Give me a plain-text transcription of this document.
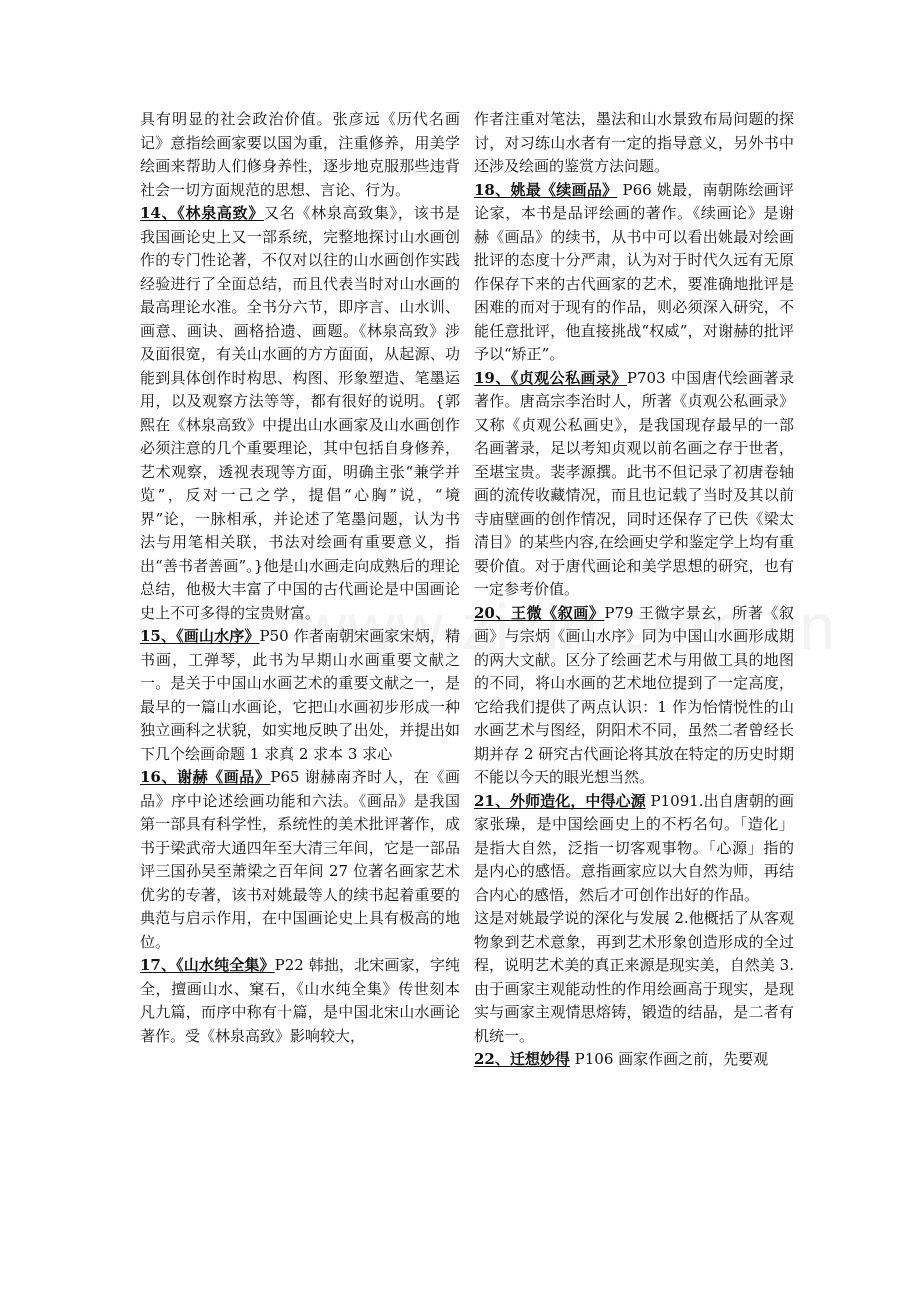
具有明显的社会政治价值。张彦远《历代名画记》意指绘画家要以国为重，注重修养，用美学绘画来帮助人们修身养性，逐步地克服那些违背社会一切方面规范的思想、言论、行为。

14、《林泉高致》又名《林泉高致集》，该书是我国画论史上又一部系统，完整地探讨山水画创作的专门性论著，不仅对以往的山水画创作实践经验进行了全面总结，而且代表当时对山水画的最高理论水准。全书分六节，即序言、山水训、画意、画诀、画格拾遗、画题。《林泉高致》涉及面很宽，有关山水画的方方面面，从起源、功能到具体创作时构思、构图、形象塑造、笔墨运用，以及观察方法等等，都有很好的说明。{郭熙在《林泉高致》中提出山水画家及山水画创作必须注意的几个重要理论，其中包括自身修养，艺术观察，透视表现等方面，明确主张“兼学并览”，反对一己之学，提倡“心胸”说，“境界”论，一脉相承，并论述了笔墨问题，认为书法与用笔相关联，书法对绘画有重要意义，指出“善书者善画”。}他是山水画走向成熟后的理论总结，他极大丰富了中国的古代画论是中国画论史上不可多得的宝贵财富。

15、《画山水序》P50 作者南朝宋画家宋炳，精书画，工弹琴，此书为早期山水画重要文献之一。是关于中国山水画艺术的重要文献之一，是最早的一篇山水画论，它把山水画初步形成一种独立画科之状貌，如实地反映了出处，并提出如下几个绘画命题 1 求真 2 求本 3 求心

16、谢赫《画品》P65 谢赫南齐时人，在《画品》序中论述绘画功能和六法。《画品》是我国第一部具有科学性，系统性的美术批评著作，成书于梁武帝大通四年至大清三年间，它是一部品评三国孙吴至萧梁之百年间 27 位著名画家艺术优劣的专著，该书对姚最等人的续书起着重要的典范与启示作用，在中国画论史上具有极高的地位。

17、《山水纯全集》P22 韩拙，北宋画家，字纯全，擅画山水、窠石，《山水纯全集》传世刻本凡九篇，而序中称有十篇，是中国北宋山水画论著作。受《林泉高致》影响较大，

作者注重对笔法，墨法和山水景致布局问题的探讨，对习练山水者有一定的指导意义，另外书中还涉及绘画的鉴赏方法问题。

18、姚最《续画品》 P66 姚最，南朝陈绘画评论家，本书是品评绘画的著作。《续画论》是谢赫《画品》的续书，从书中可以看出姚最对绘画批评的态度十分严肃，认为对于时代久远有无原作保存下来的古代画家的艺术，要准确地批评是困难的而对于现有的作品，则必须深入研究，不能任意批评，他直接挑战“权威”，对谢赫的批评予以“矫正”。

19、《贞观公私画录》P703 中国唐代绘画著录著作。唐高宗李治时人，所著《贞观公私画录》又称《贞观公私画史》，是我国现存最早的一部名画著录，足以考知贞观以前名画之存于世者，至堪宝贵。裴孝源撰。此书不但记录了初唐卷轴画的流传收藏情况，而且也记载了当时及其以前寺庙壁画的创作情况，同时还保存了已佚《梁太清目》的某些内容,在绘画史学和鉴定学上均有重要价值。对于唐代画论和美学思想的研究，也有一定参考价值。

20、王微《叙画》P79 王微字景玄，所著《叙画》与宗炳《画山水序》同为中国山水画形成期的两大文献。区分了绘画艺术与用做工具的地图的不同，将山水画的艺术地位提到了一定高度，它给我们提供了两点认识：1 作为怡情悦性的山水画艺术与图经，阴阳术不同，虽然二者曾经长期并存 2 研究古代画论将其放在特定的历史时期不能以今天的眼光想当然。

21、外师造化，中得心源 P1091.出自唐朝的画家张璪，是中国绘画史上的不朽名句。「造化」是指大自然，泛指一切客观事物。「心源」指的是内心的感悟。意指画家应以大自然为师，再结合内心的感悟，然后才可创作出好的作品。

这是对姚最学说的深化与发展 2.他概括了从客观物象到艺术意象，再到艺术形象创造形成的全过程，说明艺术美的真正来源是现实美，自然美 3.由于画家主观能动性的作用绘画高于现实，是现实与画家主观情思熔铸，锻造的结晶，是二者有机统一。

22、迁想妙得 P106 画家作画之前，先要观
